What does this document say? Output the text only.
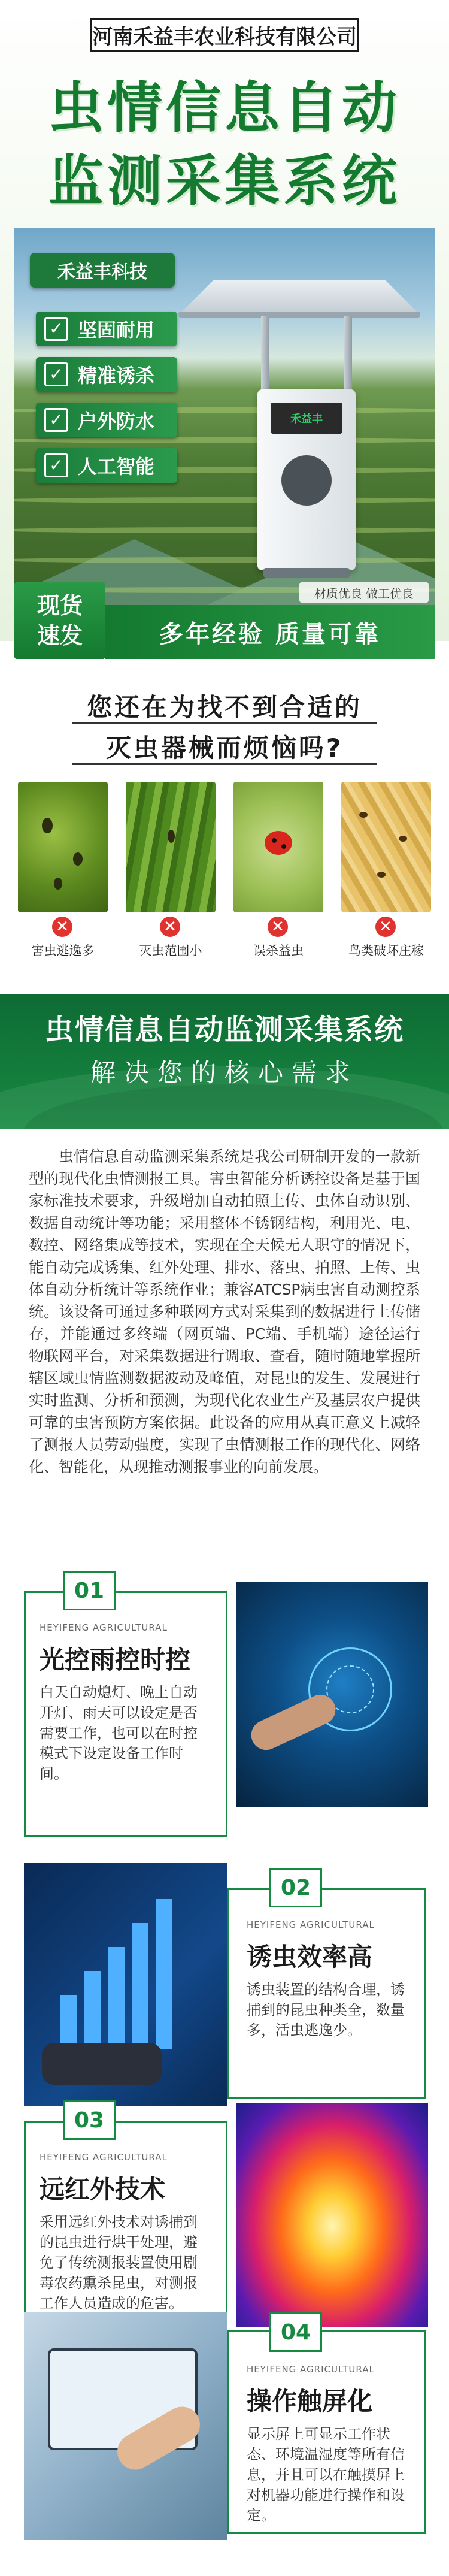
河南禾益丰农业科技有限公司
虫情信息自动
监测采集系统
禾益丰科技
✓ 坚固耐用
✓ 精准诱杀
✓ 户外防水
✓ 人工智能
禾益丰
材质优良 做工优良
现货
速发	多年经验 质量可靠
您还在为找不到合适的
灭虫器械而烦恼吗?
✕
害虫逃逸多
✕
灭虫范围小
✕
误杀益虫
✕
鸟类破坏庄稼
虫情信息自动监测采集系统
解决您的核心需求
虫情信息自动监测采集系统是我公司研制开发的一款新型的现代化虫情测报工具。害虫智能分析诱控设备是基于国家标准技术要求，升级增加自动拍照上传、虫体自动识别、数据自动统计等功能；采用整体不锈钢结构，利用光、电、数控、网络集成等技术，实现在全天候无人职守的情况下，能自动完成诱集、红外处理、排水、落虫、拍照、上传、虫体自动分析统计等系统作业；兼容ATCSP病虫害自动测控系统。该设备可通过多种联网方式对采集到的数据进行上传储存，并能通过多终端（网页端、PC端、手机端）途径运行物联网平台，对采集数据进行调取、查看，随时随地掌握所辖区域虫情监测数据波动及峰值，对昆虫的发生、发展进行实时监测、分析和预测，为现代化农业生产及基层农户提供可靠的虫害预防方案依据。此设备的应用从真正意义上减轻了测报人员劳动强度，实现了虫情测报工作的现代化、网络化、智能化，从现推动测报事业的向前发展。
01
HEYIFENG AGRICULTURAL
光控雨控时控
白天自动熄灯、晚上自动开灯、雨天可以设定是否需要工作，也可以在时控模式下设定设备工作时间。
02
HEYIFENG AGRICULTURAL
诱虫效率高
诱虫装置的结构合理，诱捕到的昆虫种类全，数量多，活虫逃逸少。
03
HEYIFENG AGRICULTURAL
远红外技术
采用远红外技术对诱捕到的昆虫进行烘干处理，避免了传统测报装置使用剧毒农药熏杀昆虫，对测报工作人员造成的危害。
04
HEYIFENG AGRICULTURAL
操作触屏化
显示屏上可显示工作状态、环境温湿度等所有信息，并且可以在触摸屏上对机器功能进行操作和设定。
